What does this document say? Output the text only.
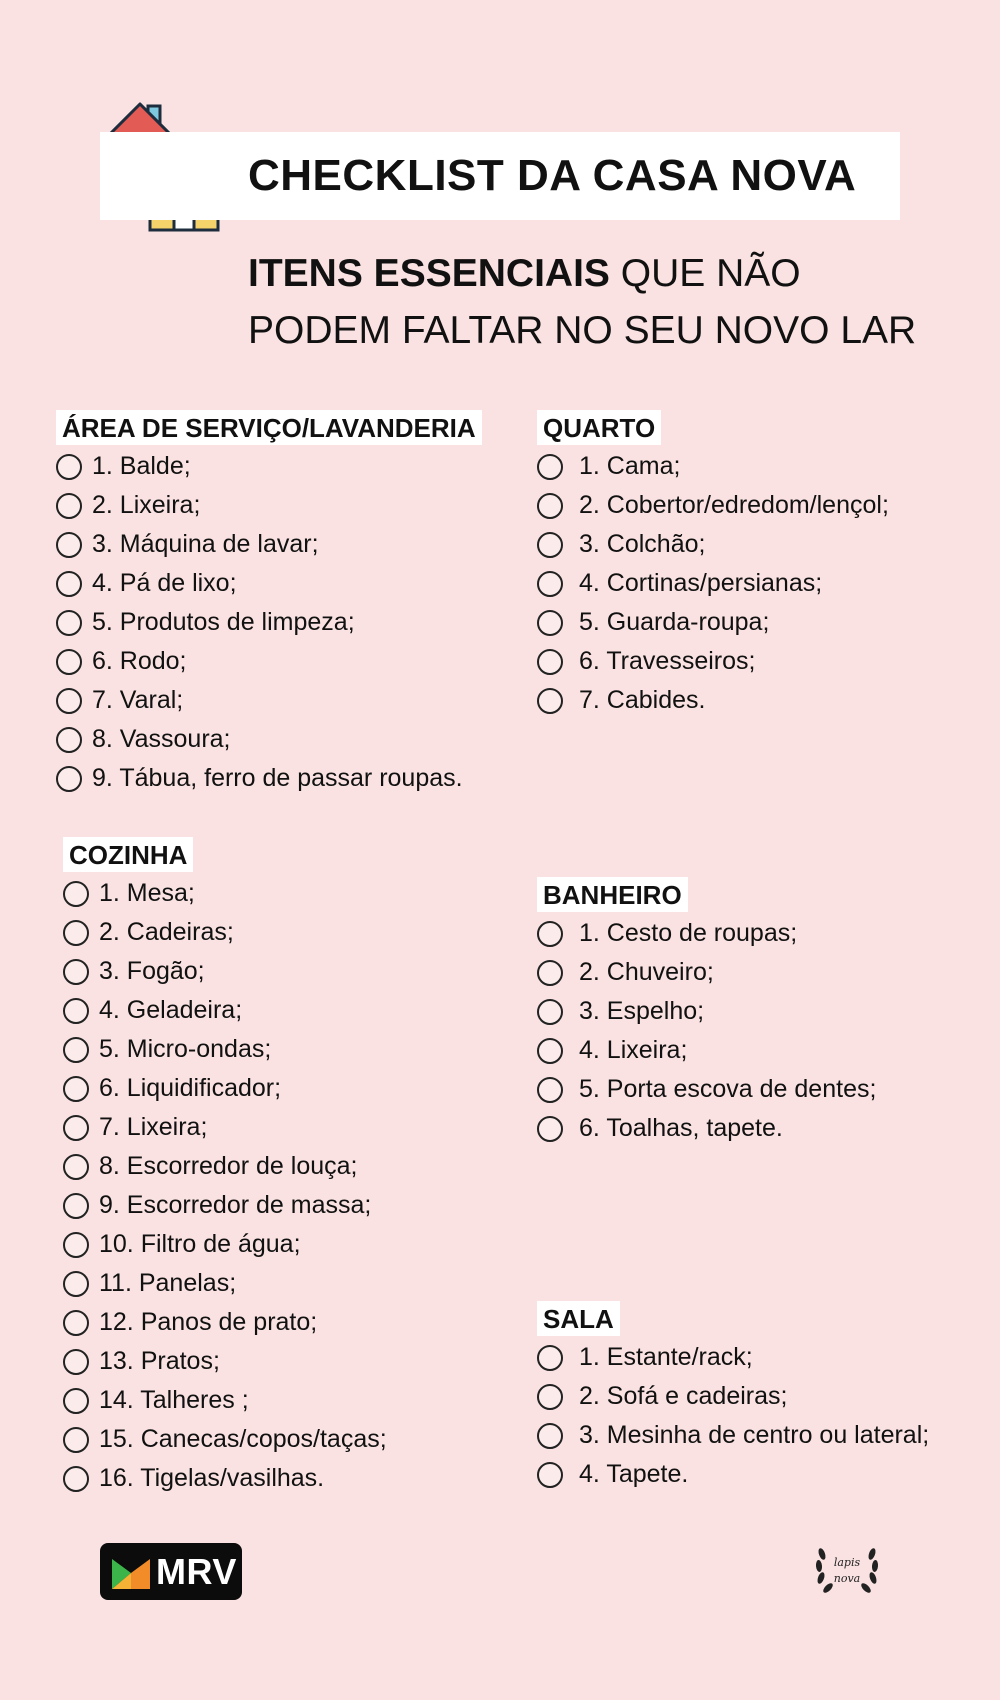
CHECKLIST DA CASA NOVA
ITENS ESSENCIAIS QUE NÃO
PODEM FALTAR NO SEU NOVO LAR
ÁREA DE SERVIÇO/LAVANDERIA
1. Balde;
2. Lixeira;
3. Máquina de lavar;
4. Pá de lixo;
5. Produtos de limpeza;
6. Rodo;
7. Varal;
8. Vassoura;
9. Tábua, ferro de passar roupas.
QUARTO
1. Cama;
2. Cobertor/edredom/lençol;
3. Colchão;
4. Cortinas/persianas;
5. Guarda-roupa;
6. Travesseiros;
7. Cabides.
COZINHA
1. Mesa;
2. Cadeiras;
3. Fogão;
4. Geladeira;
5. Micro-ondas;
6. Liquidificador;
7. Lixeira;
8. Escorredor de louça;
9. Escorredor de massa;
10. Filtro de água;
11. Panelas;
12. Panos de prato;
13. Pratos;
14. Talheres ;
15. Canecas/copos/taças;
16. Tigelas/vasilhas.
BANHEIRO
1. Cesto de roupas;
2. Chuveiro;
3. Espelho;
4. Lixeira;
5. Porta escova de dentes;
6. Toalhas, tapete.
SALA
1. Estante/rack;
2. Sofá e cadeiras;
3. Mesinha de centro ou lateral;
4. Tapete.
MRV	lapis
nova
